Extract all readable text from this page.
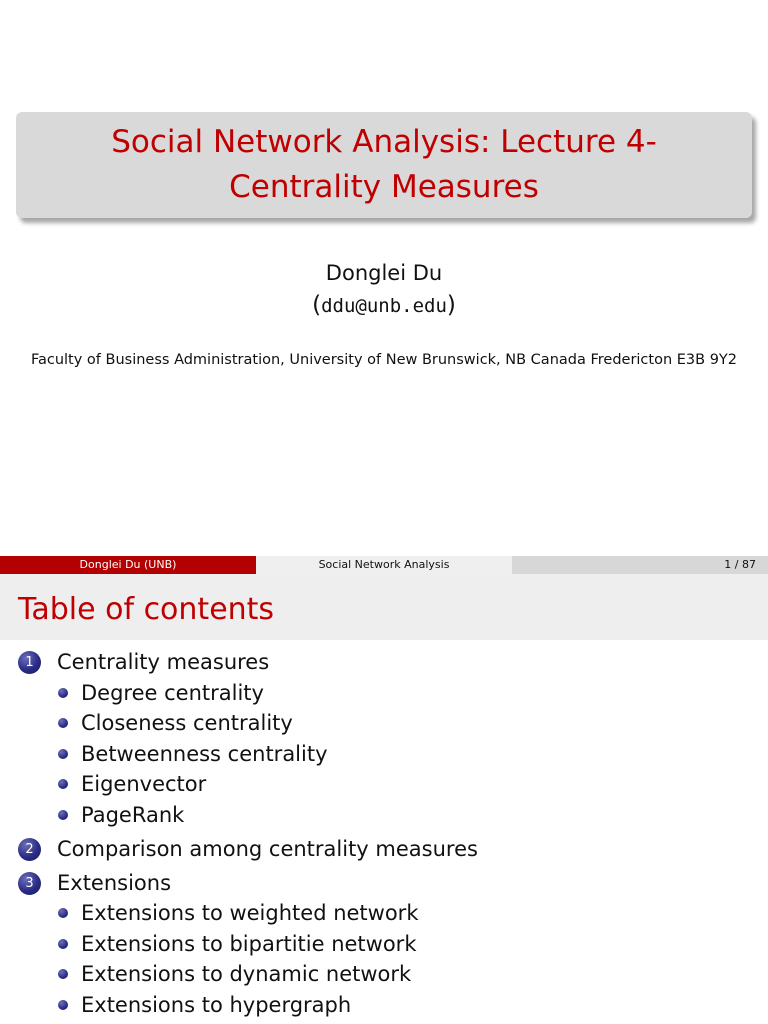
Social Network Analysis: Lecture 4-Centrality Measures
Donglei Du
(ddu@unb.edu)
Faculty of Business Administration, University of New Brunswick, NB Canada Fredericton E3B 9Y2
Donglei Du (UNB)	Social Network Analysis	1 / 87
Table of contents
1	Centrality measures
Degree centrality
Closeness centrality
Betweenness centrality
Eigenvector
PageRank
2	Comparison among centrality measures
3	Extensions
Extensions to weighted network
Extensions to bipartitie network
Extensions to dynamic network
Extensions to hypergraph
